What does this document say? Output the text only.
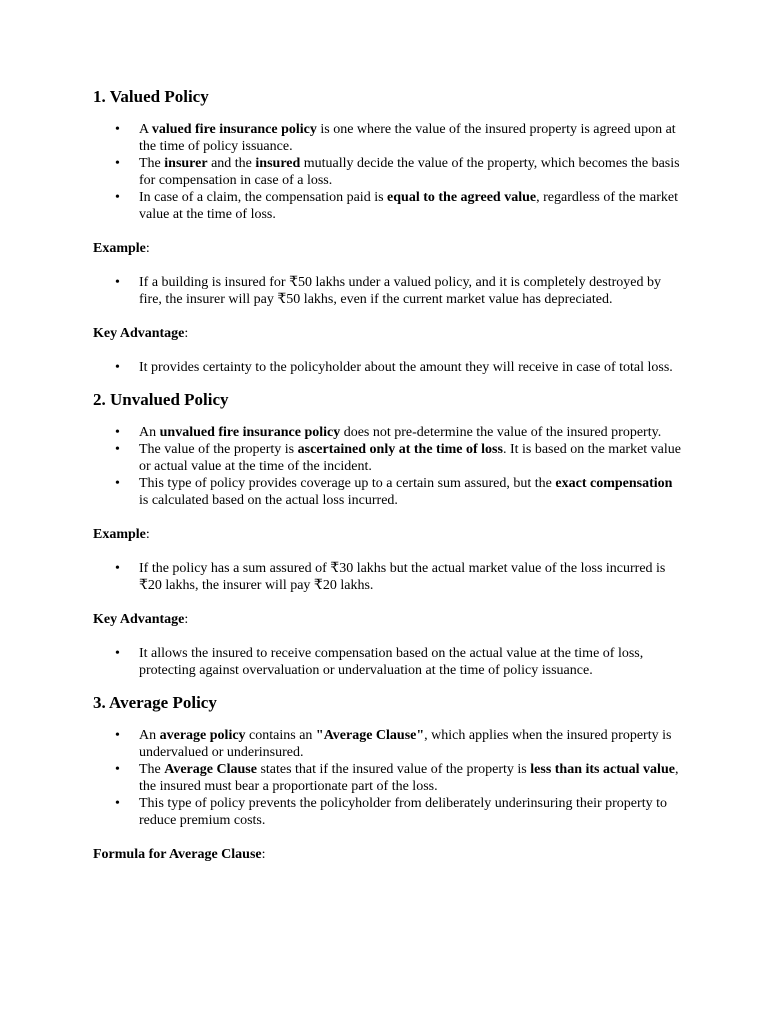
1. Valued Policy
• A valued fire insurance policy is one where the value of the insured property is agreed upon at the time of policy issuance.
• The insurer and the insured mutually decide the value of the property, which becomes the basis for compensation in case of a loss.
• In case of a claim, the compensation paid is equal to the agreed value, regardless of the market value at the time of loss.

Example:

• If a building is insured for ₹50 lakhs under a valued policy, and it is completely destroyed by fire, the insurer will pay ₹50 lakhs, even if the current market value has depreciated.

Key Advantage:

• It provides certainty to the policyholder about the amount they will receive in case of total loss.
2. Unvalued Policy
• An unvalued fire insurance policy does not pre-determine the value of the insured property.
• The value of the property is ascertained only at the time of loss. It is based on the market value or actual value at the time of the incident.
• This type of policy provides coverage up to a certain sum assured, but the exact compensation is calculated based on the actual loss incurred.

Example:

• If the policy has a sum assured of ₹30 lakhs but the actual market value of the loss incurred is ₹20 lakhs, the insurer will pay ₹20 lakhs.

Key Advantage:

• It allows the insured to receive compensation based on the actual value at the time of loss, protecting against overvaluation or undervaluation at the time of policy issuance.
3. Average Policy
• An average policy contains an "Average Clause", which applies when the insured property is undervalued or underinsured.
• The Average Clause states that if the insured value of the property is less than its actual value, the insured must bear a proportionate part of the loss.
• This type of policy prevents the policyholder from deliberately underinsuring their property to reduce premium costs.

Formula for Average Clause:
